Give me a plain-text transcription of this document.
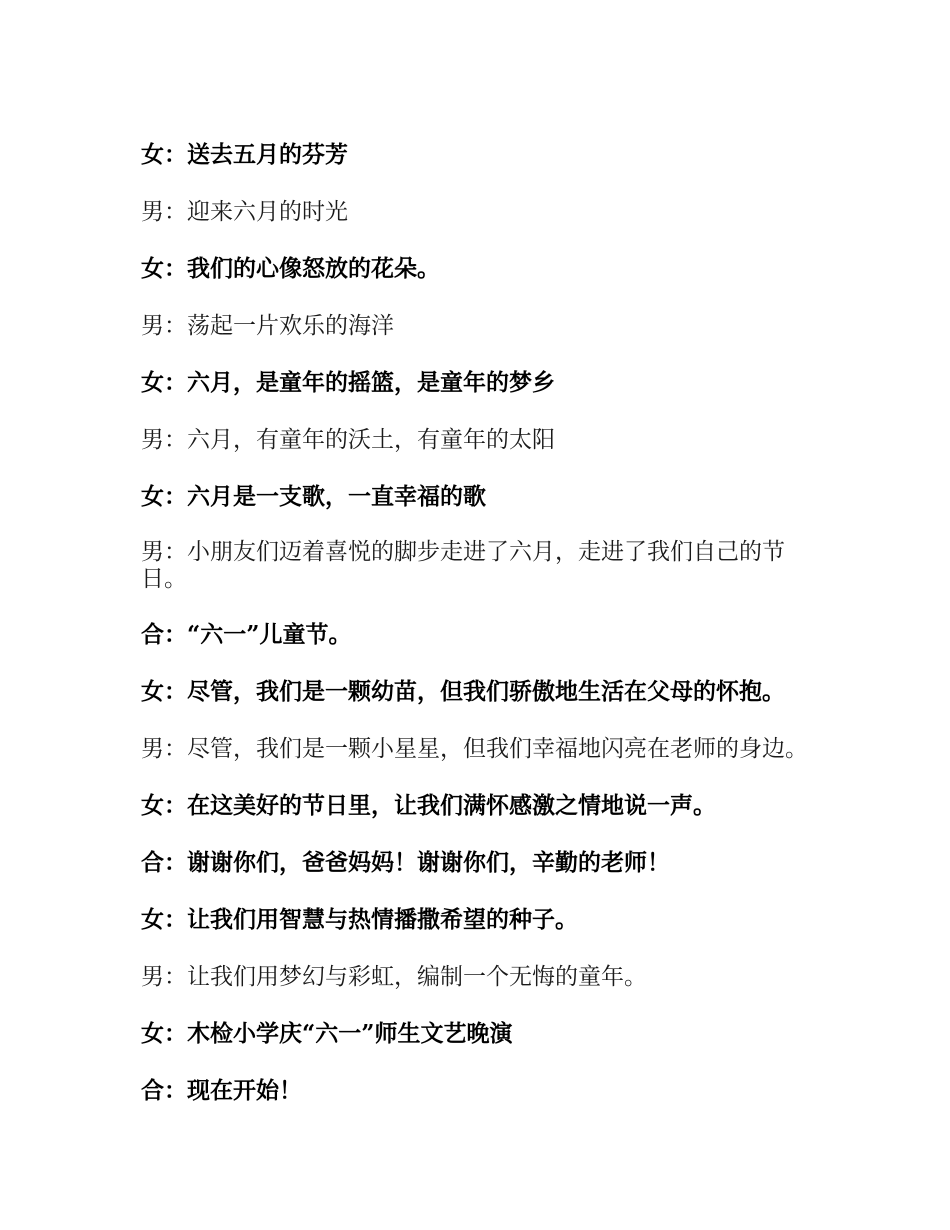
女：送去五月的芬芳

男：迎来六月的时光

女：我们的心像怒放的花朵。

男：荡起一片欢乐的海洋

女：六月，是童年的摇篮，是童年的梦乡

男：六月，有童年的沃土，有童年的太阳

女：六月是一支歌，一直幸福的歌

男：小朋友们迈着喜悦的脚步走进了六月，走进了我们自己的节日。

合：“六一”儿童节。

女：尽管，我们是一颗幼苗，但我们骄傲地生活在父母的怀抱。

男：尽管，我们是一颗小星星，但我们幸福地闪亮在老师的身边。

女：在这美好的节日里，让我们满怀感激之情地说一声。

合：谢谢你们，爸爸妈妈！谢谢你们，辛勤的老师！

女：让我们用智慧与热情播撒希望的种子。

男：让我们用梦幻与彩虹，编制一个无悔的童年。

女：木检小学庆“六一”师生文艺晚演

合：现在开始！
